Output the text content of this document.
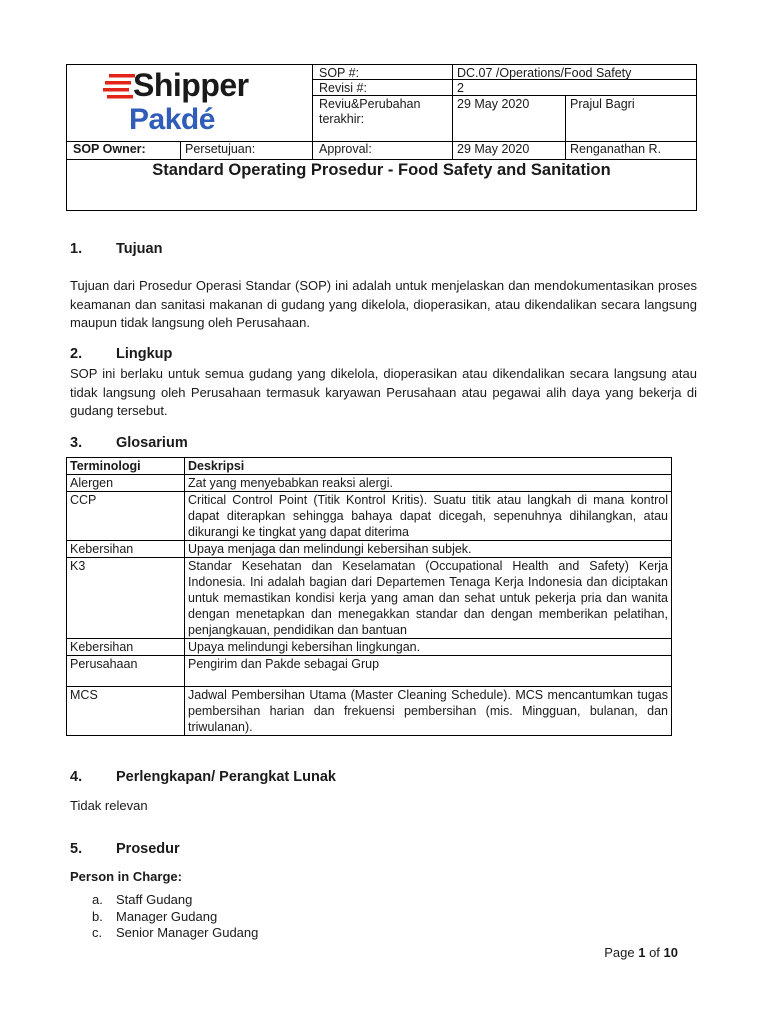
Shipper
Pakdé
SOP #:	DC.07 /Operations/Food Safety
Revisi #:	2
Reviu&Perubahan
terakhir:
29 May 2020	Prajul Bagri
SOP Owner:	Persetujuan:	Approval:	29 May 2020	Renganathan R.
Standard Operating Prosedur - Food Safety and Sanitation
1. Tujuan
Tujuan dari Prosedur Operasi Standar (SOP) ini adalah untuk menjelaskan dan mendokumentasikan proses keamanan dan sanitasi makanan di gudang yang dikelola, dioperasikan, atau dikendalikan secara langsung maupun tidak langsung oleh Perusahaan.
2. Lingkup
SOP ini berlaku untuk semua gudang yang dikelola, dioperasikan atau dikendalikan secara langsung atau tidak langsung oleh Perusahaan termasuk karyawan Perusahaan atau pegawai alih daya yang bekerja di gudang tersebut.
3. Glosarium
Terminologi	Deskripsi
Alergen	Zat yang menyebabkan reaksi alergi.
CCP	Critical Control Point (Titik Kontrol Kritis). Suatu titik atau langkah di mana kontrol dapat diterapkan sehingga bahaya dapat dicegah, sepenuhnya dihilangkan, atau dikurangi ke tingkat yang dapat diterima
Kebersihan	Upaya menjaga dan melindungi kebersihan subjek.
K3	Standar Kesehatan dan Keselamatan (Occupational Health and Safety) Kerja Indonesia. Ini adalah bagian dari Departemen Tenaga Kerja Indonesia dan diciptakan untuk memastikan kondisi kerja yang aman dan sehat untuk pekerja pria dan wanita dengan menetapkan dan menegakkan standar dan dengan memberikan pelatihan, penjangkauan, pendidikan dan bantuan
Kebersihan	Upaya melindungi kebersihan lingkungan.
Perusahaan	Pengirim dan Pakde sebagai Grup
MCS	Jadwal Pembersihan Utama (Master Cleaning Schedule). MCS mencantumkan tugas pembersihan harian dan frekuensi pembersihan (mis. Mingguan, bulanan, dan triwulanan).
4. Perlengkapan/ Perangkat Lunak
Tidak relevan
5. Prosedur
Person in Charge:
a. Staff Gudang
b. Manager Gudang
c. Senior Manager Gudang
Page 1 of 10
